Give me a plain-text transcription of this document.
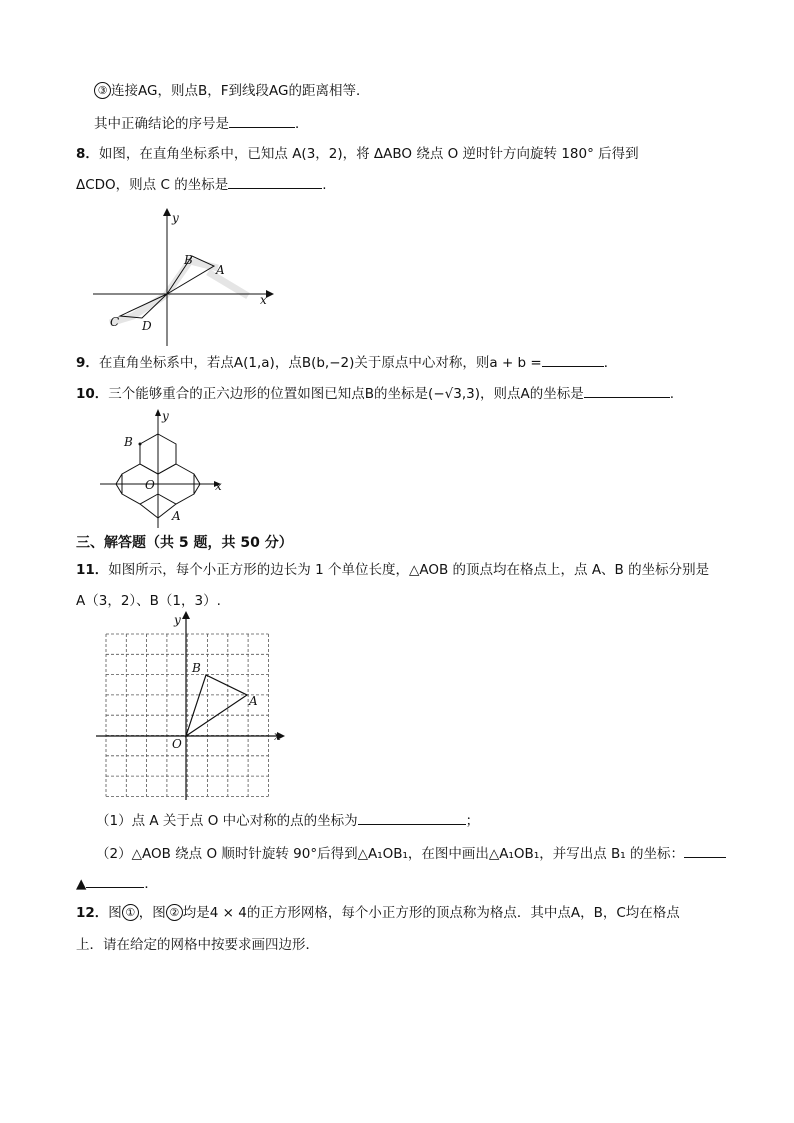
③ 连接AG，则点B，F到线段AG的距离相等．
其中正确结论的序号是	．
8．如图，在直角坐标系中，已知点 A(3，2)，将 ΔABO 绕点 O 逆时针方向旋转 180° 后得到
ΔCDO，则点 C 的坐标是	.
y
x
A
B
C D
9．在直角坐标系中，若点A(1,a)，点B(b,−2)关于原点中心对称，则a + b =	．
10．三个能够重合的正六边形的位置如图已知点B的坐标是(−√3,3)，则点A的坐标是	.
y
x
O
B
A
三、解答题（共 5 题，共 50 分）
11．如图所示，每个小正方形的边长为 1 个单位长度，△AOB 的顶点均在格点上，点 A、B 的坐标分别是
A（3，2）、B（1，3）.
y
x
O
A
B
（1）点 A 关于点 O 中心对称的点的坐标为	；
（2）△AOB 绕点 O 顺时针旋转 90°后得到△A₁OB₁，在图中画出△A₁OB₁，并写出点 B₁ 的坐标：
▲	．
12．图 ① ，图 ② 均是4 × 4的正方形网格，每个小正方形的顶点称为格点．其中点A，B，C均在格点
上．请在给定的网格中按要求画四边形．
